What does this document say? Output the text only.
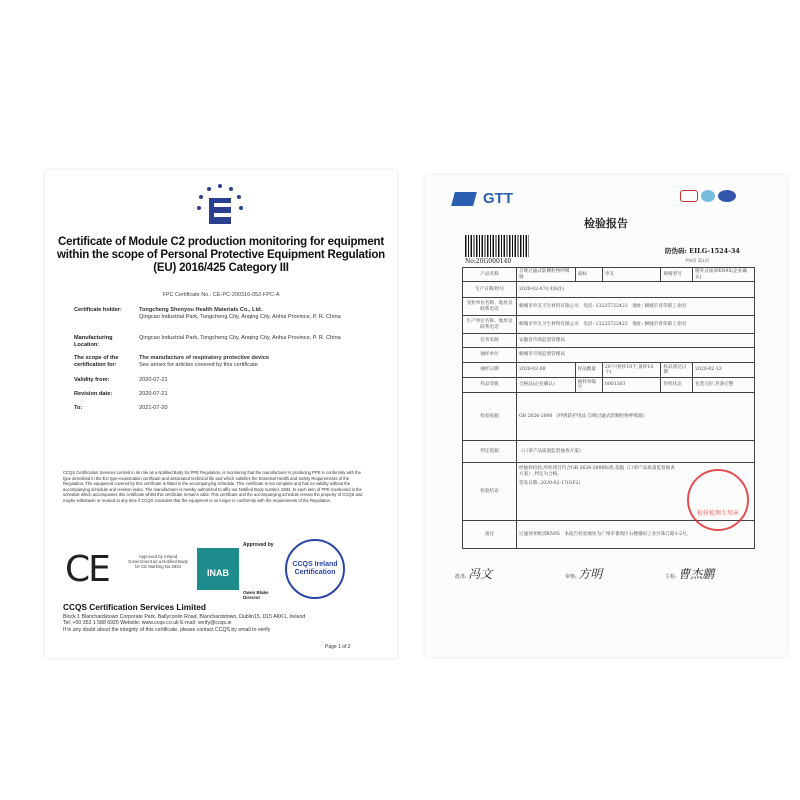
Certificate of Module C2 production monitoring for equipment within the scope of Personal Protective Equipment Regulation (EU) 2016/425 Category III
FPC Certificate No.: CE-PC-200316-052-FPC-A
Certificate holder:	Tongcheng Shenyou Health Materials Co., Ltd.
Qingcao Industrial Park, Tongcheng City, Anqing City, Anhui Province, P. R. China
Manufacturing Location:
Qingcao Industrial Park, Tongcheng City, Anqing City, Anhui Province, P. R. China
The scope of the certification for:
The manufacture of respiratory protective device
See annex for articles covered by this certificate
Validity from:	2020-07-21
Revision date:	2020-07-21
To:	2021-07-20
CCQS Certification Services Limited in its role as a Notified Body for PPE Regulation, is monitoring that the manufacturer is producing PPE in conformity with the type described in the EU type-examination certificate and associated technical file and which satisfies the Essential Health and Safety Requirements of the Regulation. The equipment covered by this certificate is listed in the accompanying schedule. This certificate is not complete and has no validity without the accompanying schedule and revision index. The manufacturer is hereby authorized to affix our Notified Body number, 2834, to each item of PPE mentioned in the schedule which accompanies this certificate whilst this certificate remains valid. This certificate and the accompanying schedule remain the property of CCQS and maybe withdrawn or revised at any time if CCQS considers that the equipment is no longer in conformity with the requirements of the Regulation.
CE	Approved by Ireland Government as a Notified Body for CE Marking No.2834
INAB
Approved by
Owen Blake Director
CCQS Ireland Certification
CCQS Certification Services Limited
Block 1 Blanchardstown Corporate Park, Ballycoolin Road, Blanchardstown, Dublin15, D15 AKK1, Ireland
Tel: +00 353 1 588 6920 Website: www.ccqs.co.uk E-mail: verify@ccqs.ie
If in any doubt about the integrity of this certificate, please contact CCQS by email to verify
Page 1 of 2
GTT
检验报告
No:20G000140
防伪码: EILG-1524-34
共5页 第1页
产品名称	自吸过滤式防颗粒物呼吸器	商标	申友	规格型号	随弃式面罩KN95(企业确认)
生产日期/批号	2020-02-07/(未标注)				
受检单位名称、地址及联系电话	桐城市申友卫生材料有限公司　电话: 13225722423　地址: 桐城市青草镇工业园				
生产单位名称、地址及联系电话	桐城市申友卫生材料有限公司　电话: 13225722423　地址: 桐城市青草镇工业园				
任务来源	安徽省市场监督管理局				
抽样单位	桐城市市场监督管理局				
抽样日期	2020-02-08	样品数量	20个(检样10个,备样10个)	样品到达日期	2020-02-12
样品等级	合格品(企业确认)	抽样单编号	0001303	封样状态	包装完好,封条完整
检验依据	GB 2626-2006 《呼吸防护用品 自吸过滤式防颗粒物呼吸器》				
判定依据	《口罩产品质量监督抽查方案》				
检验结论	经抽样检验,所检项目符合GB 2626-2006标准,依据《口罩产品质量监督抽查方案》,判定为合格。
签发日期: 2020-02-17(GF2)				

备注	过滤效率级别KN95　本报告检验地址为广州市番禺区石楼潮田工业区珠江路1-2号。				
检验检测专用章
批准: 冯文	审核: 方明	主检: 曹杰鹏
